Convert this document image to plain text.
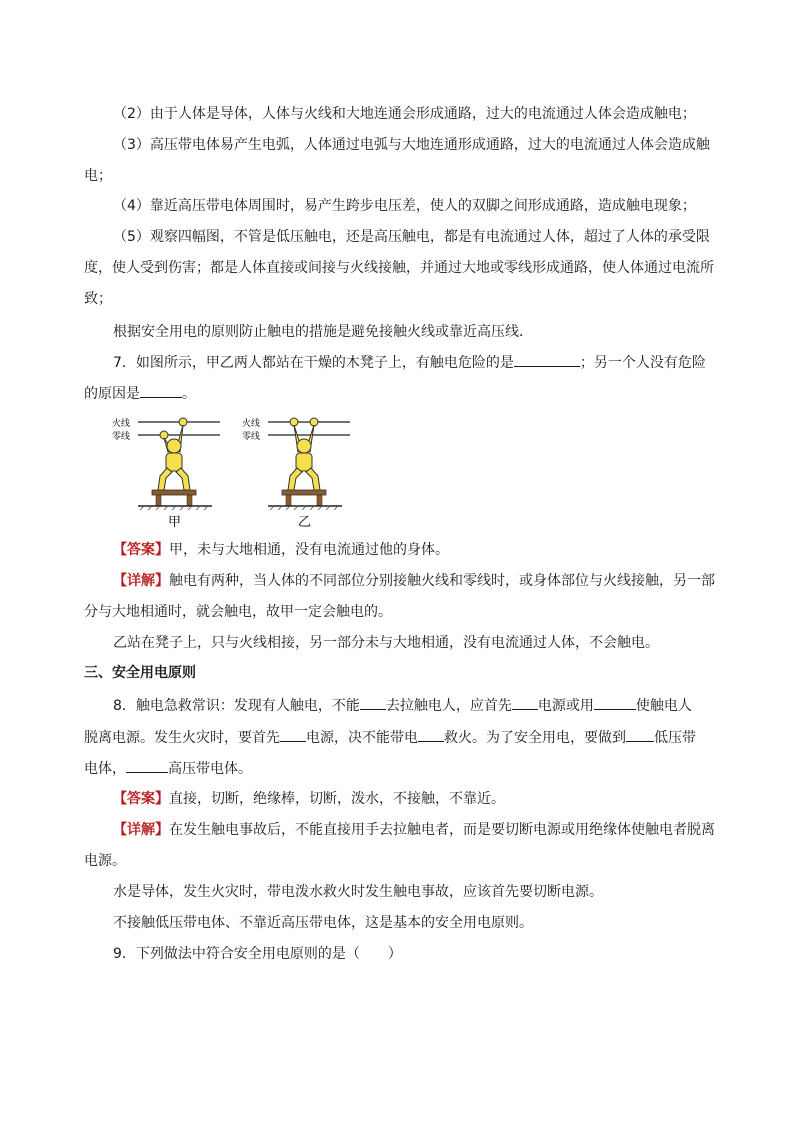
（2）由于人体是导体，人体与火线和大地连通会形成通路，过大的电流通过人体会造成触电；
（3）高压带电体易产生电弧，人体通过电弧与大地连通形成通路，过大的电流通过人体会造成触
电；
（4）靠近高压带电体周围时，易产生跨步电压差，使人的双脚之间形成通路，造成触电现象；
（5）观察四幅图，不管是低压触电，还是高压触电，都是有电流通过人体，超过了人体的承受限
度，使人受到伤害；都是人体直接或间接与火线接触，并通过大地或零线形成通路，使人体通过电流所
致；
根据安全用电的原则防止触电的措施是避免接触火线或靠近高压线．
7．如图所示，甲乙两人都站在干燥的木凳子上，有触电危险的是	；另一个人没有危险
的原因是	。
火线
零线
火线
零线
甲	乙
【答案】甲，未与大地相通，没有电流通过他的身体。
【详解】触电有两种，当人体的不同部位分别接触火线和零线时，或身体部位与火线接触，另一部
分与大地相通时，就会触电，故甲一定会触电的。
乙站在凳子上，只与火线相接，另一部分未与大地相通，没有电流通过人体，不会触电。
三、安全用电原则
8．触电急救常识：发现有人触电，不能 去拉触电人，应首先 电源或用	使触电人
脱离电源。发生火灾时，要首先 电源，决不能带电 救火。为了安全用电，要做到 低压带
电体，	高压带电体。
【答案】直接，切断，绝缘棒，切断，泼水，不接触，不靠近。
【详解】在发生触电事故后，不能直接用手去拉触电者，而是要切断电源或用绝缘体使触电者脱离
电源。
水是导体，发生火灾时，带电泼水救火时发生触电事故，应该首先要切断电源。
不接触低压带电体、不靠近高压带电体，这是基本的安全用电原则。
9．下列做法中符合安全用电原则的是（　　）
